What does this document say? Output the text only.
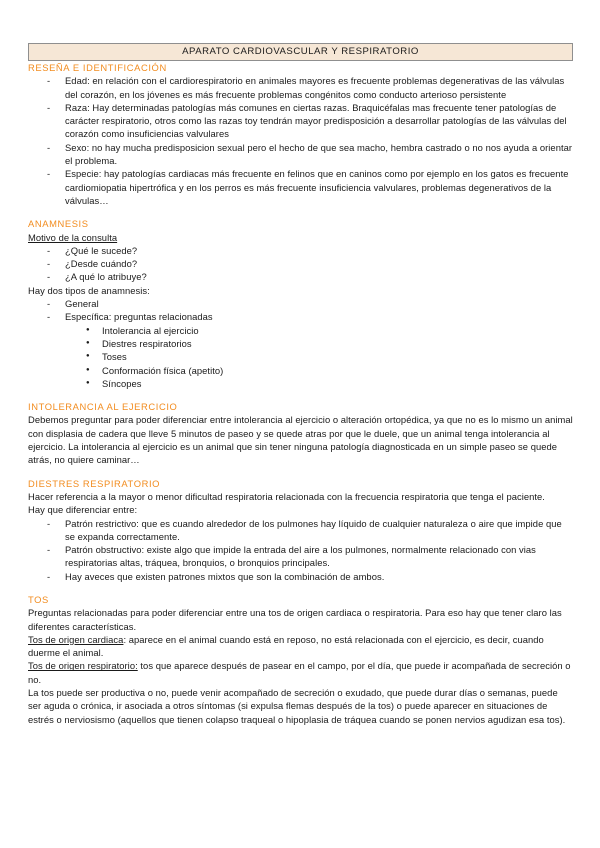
APARATO CARDIOVASCULAR Y RESPIRATORIO

RESEÑA E IDENTIFICACIÓN

- Edad: en relación con el cardiorespiratorio en animales mayores es frecuente problemas degenerativas de las válvulas del corazón, en los jóvenes es más frecuente problemas congénitos como conducto arterioso persistente
- Raza: Hay determinadas patologías más comunes en ciertas razas. Braquicéfalas mas frecuente tener patologías de carácter respiratorio, otros como las razas toy tendrán mayor predisposición a desarrollar patologías de las válvulas del corazón como insuficiencias valvulares
- Sexo: no hay mucha predisposicion sexual pero el hecho de que sea macho, hembra castrado o no nos ayuda a orientar el problema.
- Especie: hay patologías cardiacas más frecuente en felinos que en caninos como por ejemplo en los gatos es frecuente cardiomiopatia hipertrófica y en los perros es más frecuente insuficiencia valvulares, problemas degenerativos de la válvulas…

ANAMNESIS

Motivo de la consulta

- ¿Qué le sucede?
- ¿Desde cuándo?
- ¿A qué lo atribuye?

Hay dos tipos de anamnesis:

- General
- Específica: preguntas relacionadas
● Intolerancia al ejercicio
● Diestres respiratorios
● Toses
● Conformación física (apetito)
● Síncopes

INTOLERANCIA AL EJERCICIO

Debemos preguntar para poder diferenciar entre intolerancia al ejercicio o alteración ortopédica, ya que no es lo mismo un animal con displasia de cadera que lleve 5 minutos de paseo y se quede atras por que le duele, que un animal tenga intolerancia al ejercicio. La intolerancia al ejercicio es un animal que sin tener ninguna patología diagnosticada en un simple paseo se quede atrás, no quiere caminar…

DIESTRES RESPIRATORIO

Hacer referencia a la mayor o menor dificultad respiratoria relacionada con la frecuencia respiratoria que tenga el paciente.

Hay que diferenciar entre:

- Patrón restrictivo: que es cuando alrededor de los pulmones hay líquido de cualquier naturaleza o aire que impide que se expanda correctamente.
- Patrón obstructivo: existe algo que impide la entrada del aire a los pulmones, normalmente relacionado con vias respiratorias altas, tráquea, bronquios, o bronquios principales.
- Hay aveces que existen patrones mixtos que son la combinación de ambos.

TOS

Preguntas relacionadas para poder diferenciar entre una tos de origen cardiaca o respiratoria. Para eso hay que tener claro las diferentes características.

Tos de origen cardiaca: aparece en el animal cuando está en reposo, no está relacionada con el ejercicio, es decir, cuando duerme el animal.

Tos de origen respiratorio: tos que aparece después de pasear en el campo, por el día, que puede ir acompañada de secreción o no.

La tos puede ser productiva o no, puede venir acompañado de secreción o exudado, que puede durar días o semanas, puede ser aguda o crónica, ir asociada a otros síntomas (si expulsa flemas después de la tos) o puede aparecer en situaciones de estrés o nerviosismo (aquellos que tienen colapso traqueal o hipoplasia de tráquea cuando se ponen nervios agudizan esa tos).
